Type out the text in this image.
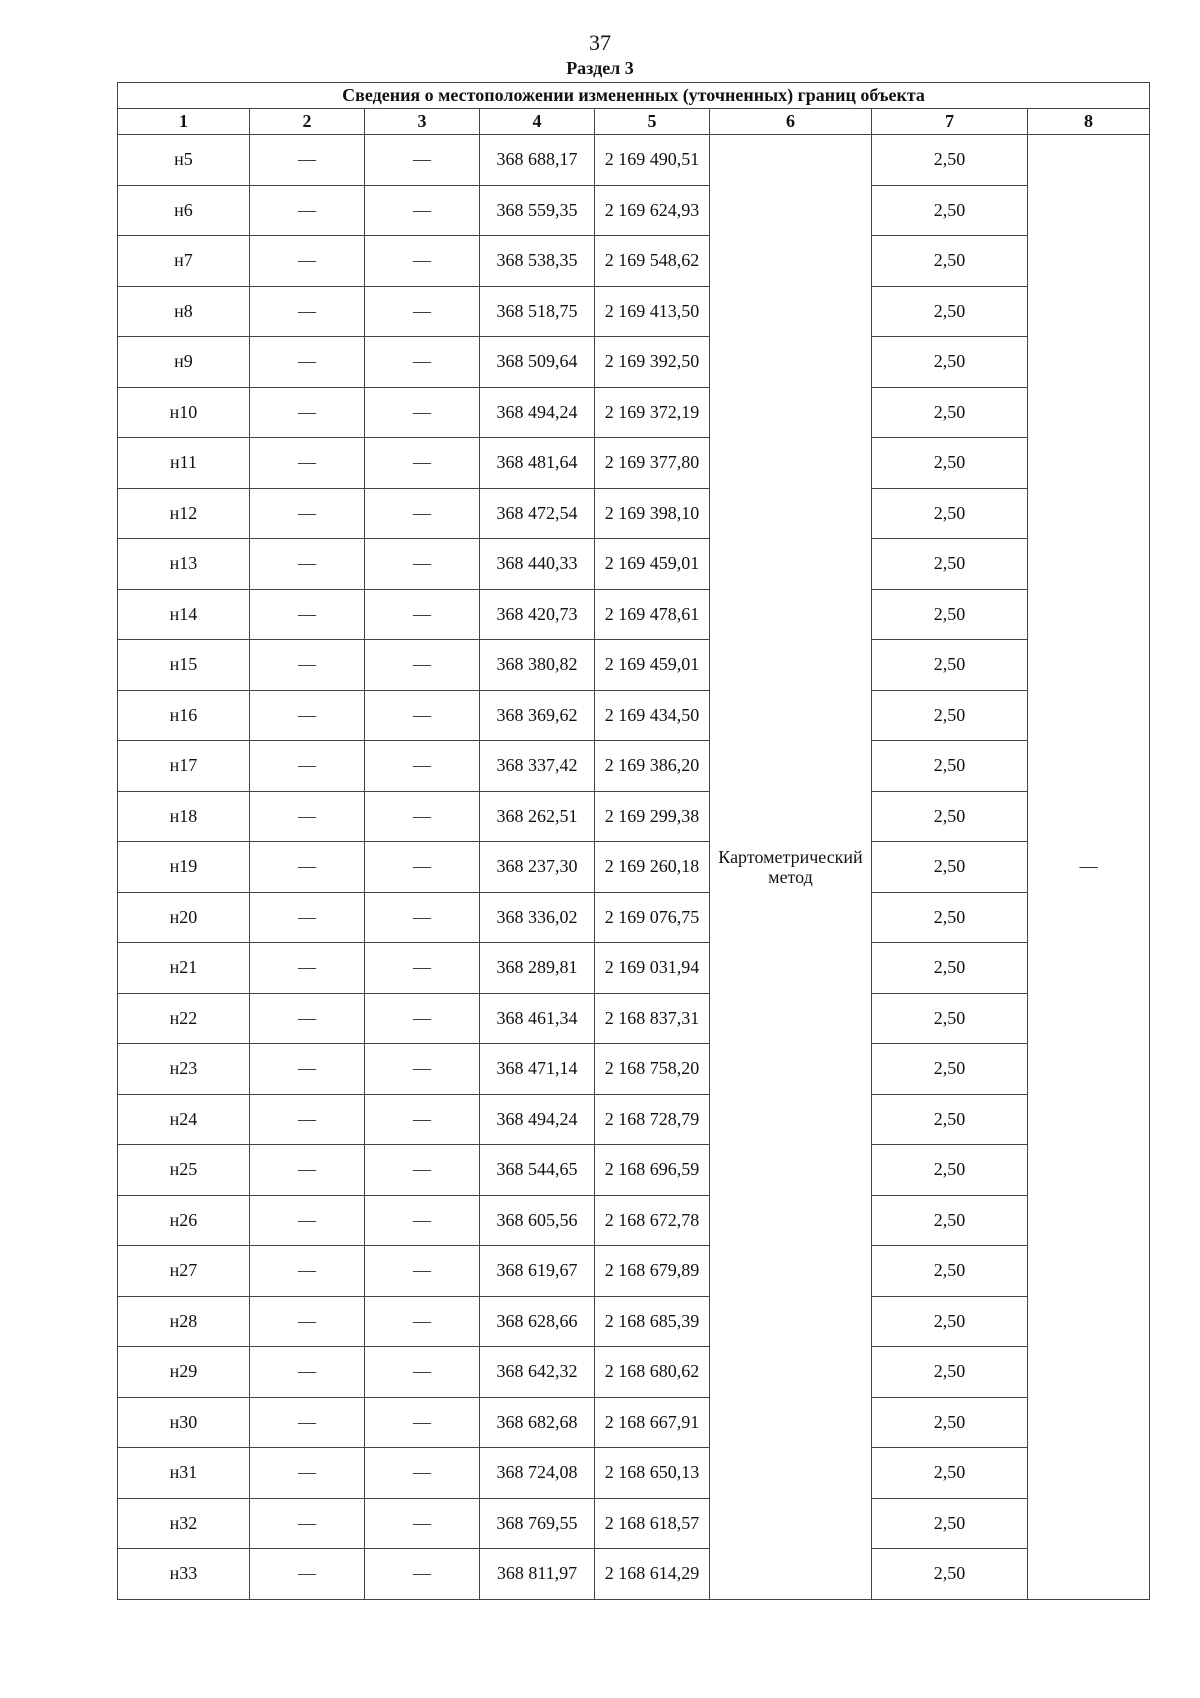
37
Раздел 3
Сведения о местоположении измененных (уточненных) границ объекта							
1	2	3	4	5	6	7	8
н5	—	—	368 688,17	2 169 490,51	Картометрический метод	2,50	—
н6	—	—	368 559,35	2 169 624,93		2,50	
н7	—	—	368 538,35	2 169 548,62		2,50	
н8	—	—	368 518,75	2 169 413,50		2,50	
н9	—	—	368 509,64	2 169 392,50		2,50	
н10	—	—	368 494,24	2 169 372,19		2,50	
н11	—	—	368 481,64	2 169 377,80		2,50	
н12	—	—	368 472,54	2 169 398,10		2,50	
н13	—	—	368 440,33	2 169 459,01		2,50	
н14	—	—	368 420,73	2 169 478,61		2,50	
н15	—	—	368 380,82	2 169 459,01		2,50	
н16	—	—	368 369,62	2 169 434,50		2,50	
н17	—	—	368 337,42	2 169 386,20		2,50	
н18	—	—	368 262,51	2 169 299,38		2,50	
н19	—	—	368 237,30	2 169 260,18		2,50	
н20	—	—	368 336,02	2 169 076,75		2,50	
н21	—	—	368 289,81	2 169 031,94		2,50	
н22	—	—	368 461,34	2 168 837,31		2,50	
н23	—	—	368 471,14	2 168 758,20		2,50	
н24	—	—	368 494,24	2 168 728,79		2,50	
н25	—	—	368 544,65	2 168 696,59		2,50	
н26	—	—	368 605,56	2 168 672,78		2,50	
н27	—	—	368 619,67	2 168 679,89		2,50	
н28	—	—	368 628,66	2 168 685,39		2,50	
н29	—	—	368 642,32	2 168 680,62		2,50	
н30	—	—	368 682,68	2 168 667,91		2,50	
н31	—	—	368 724,08	2 168 650,13		2,50	
н32	—	—	368 769,55	2 168 618,57		2,50	
н33	—	—	368 811,97	2 168 614,29		2,50	
